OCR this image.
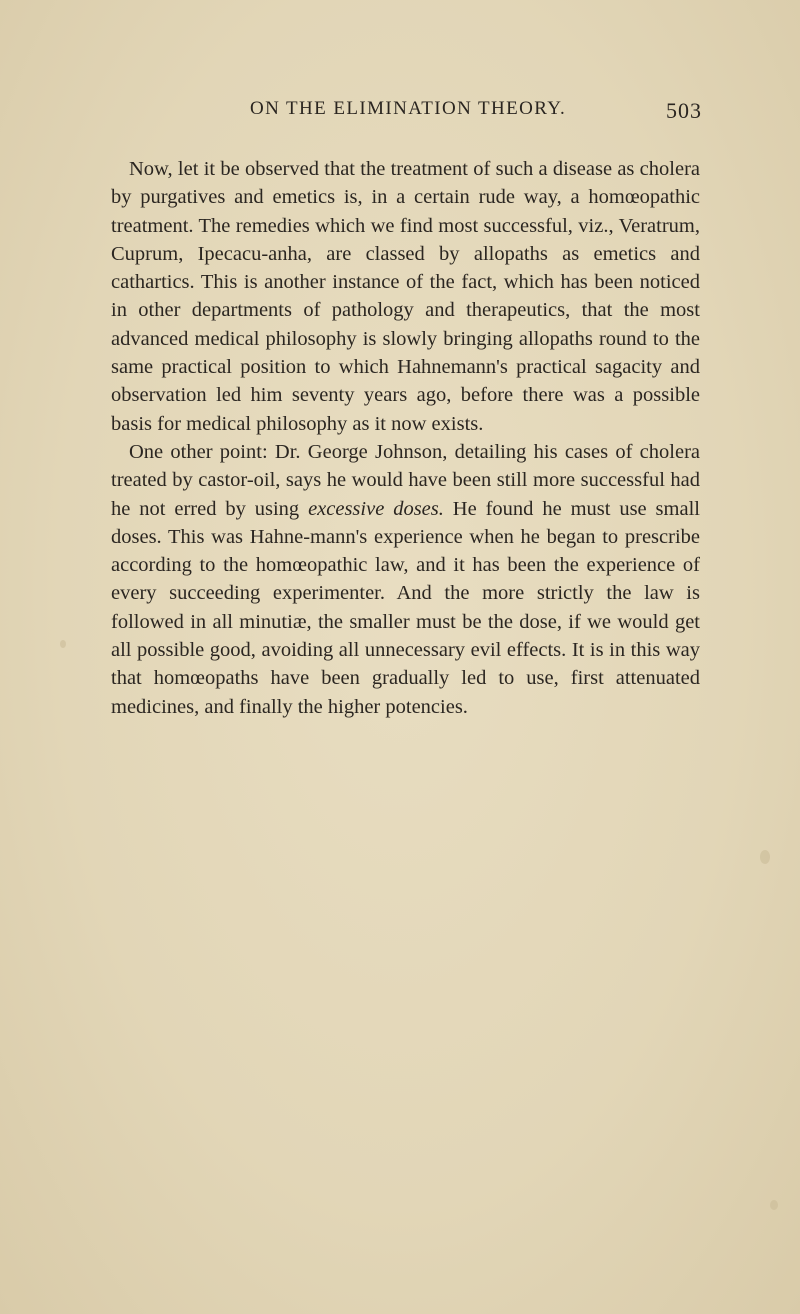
ON THE ELIMINATION THEORY.	503

Now, let it be observed that the treatment of such a disease as cholera by purgatives and emetics is, in a certain rude way, a homœopathic treatment. The remedies which we find most successful, viz., Veratrum, Cuprum, Ipecacu-anha, are classed by allopaths as emetics and cathartics. This is another instance of the fact, which has been noticed in other departments of pathology and therapeutics, that the most advanced medical philosophy is slowly bringing allopaths round to the same practical position to which Hahnemann's practical sagacity and observation led him seventy years ago, before there was a possible basis for medical philosophy as it now exists.

One other point: Dr. George Johnson, detailing his cases of cholera treated by castor-oil, says he would have been still more successful had he not erred by using excessive doses. He found he must use small doses. This was Hahne-mann's experience when he began to prescribe according to the homœopathic law, and it has been the experience of every succeeding experimenter. And the more strictly the law is followed in all minutiæ, the smaller must be the dose, if we would get all possible good, avoiding all unnecessary evil effects. It is in this way that homœopaths have been gradually led to use, first attenuated medicines, and finally the higher potencies.
